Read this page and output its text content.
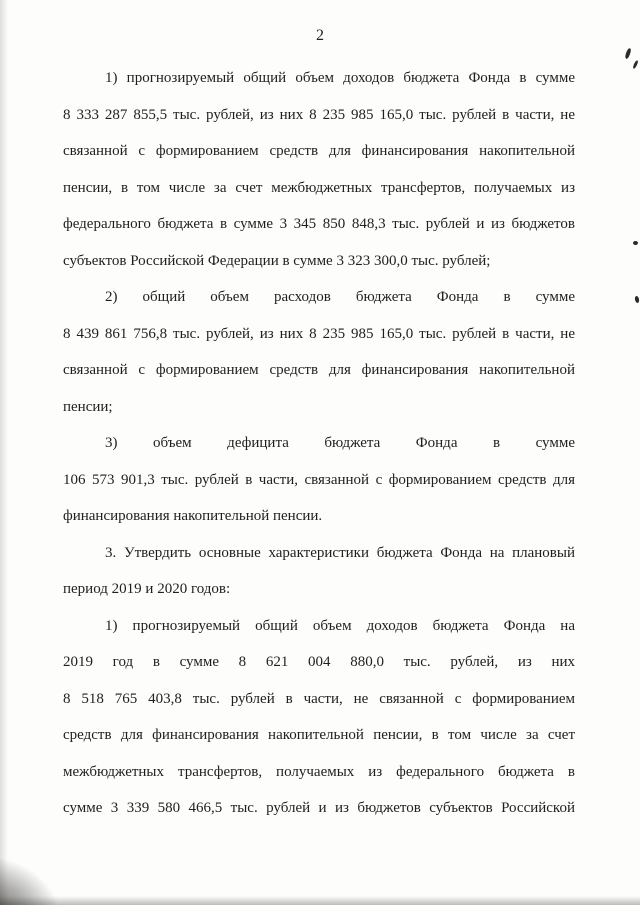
2

1) прогнозируемый общий объем доходов бюджета Фонда в сумме
8 333 287 855,5 тыс. рублей, из них 8 235 985 165,0 тыс. рублей в части, не
связанной с формированием средств для финансирования накопительной
пенсии, в том числе за счет межбюджетных трансфертов, получаемых из
федерального бюджета в сумме 3 345 850 848,3 тыс. рублей и из бюджетов
субъектов Российской Федерации в сумме 3 323 300,0 тыс. рублей;

2) общий объем расходов бюджета Фонда в сумме
8 439 861 756,8 тыс. рублей, из них 8 235 985 165,0 тыс. рублей в части, не
связанной с формированием средств для финансирования накопительной
пенсии;

3) объем дефицита бюджета Фонда в сумме
106 573 901,3 тыс. рублей в части, связанной с формированием средств для
финансирования накопительной пенсии.

3. Утвердить основные характеристики бюджета Фонда на плановый
период 2019 и 2020 годов:

1) прогнозируемый общий объем доходов бюджета Фонда на
2019 год в сумме 8 621 004 880,0 тыс. рублей, из них
8 518 765 403,8 тыс. рублей в части, не связанной с формированием
средств для финансирования накопительной пенсии, в том числе за счет
межбюджетных трансфертов, получаемых из федерального бюджета в
сумме 3 339 580 466,5 тыс. рублей и из бюджетов субъектов Российской
